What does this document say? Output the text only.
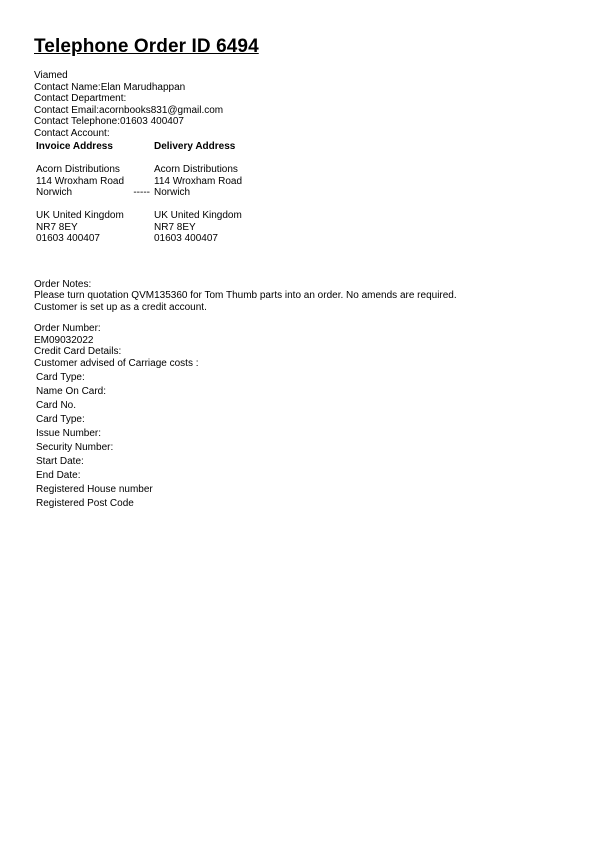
Telephone Order ID 6494
Viamed
Contact Name:Elan Marudhappan
Contact Department:
Contact Email:acornbooks831@gmail.com
Contact Telephone:01603 400407
Contact Account:
Invoice Address		Delivery Address

Acorn Distributions		Acorn Distributions
114 Wroxham Road		114 Wroxham Road
Norwich	-----	Norwich

UK United Kingdom		UK United Kingdom
NR7 8EY		NR7 8EY
01603 400407		01603 400407
Order Notes:
Please turn quotation QVM135360 for Tom Thumb parts into an order. No amends are required.
Customer is set up as a credit account.
Order Number:
EM09032022
Credit Card Details:
Customer advised of Carriage costs :
Card Type:
Name On Card:
Card No.
Card Type:
Issue Number:
Security Number:
Start Date:
End Date:
Registered House number
Registered Post Code
